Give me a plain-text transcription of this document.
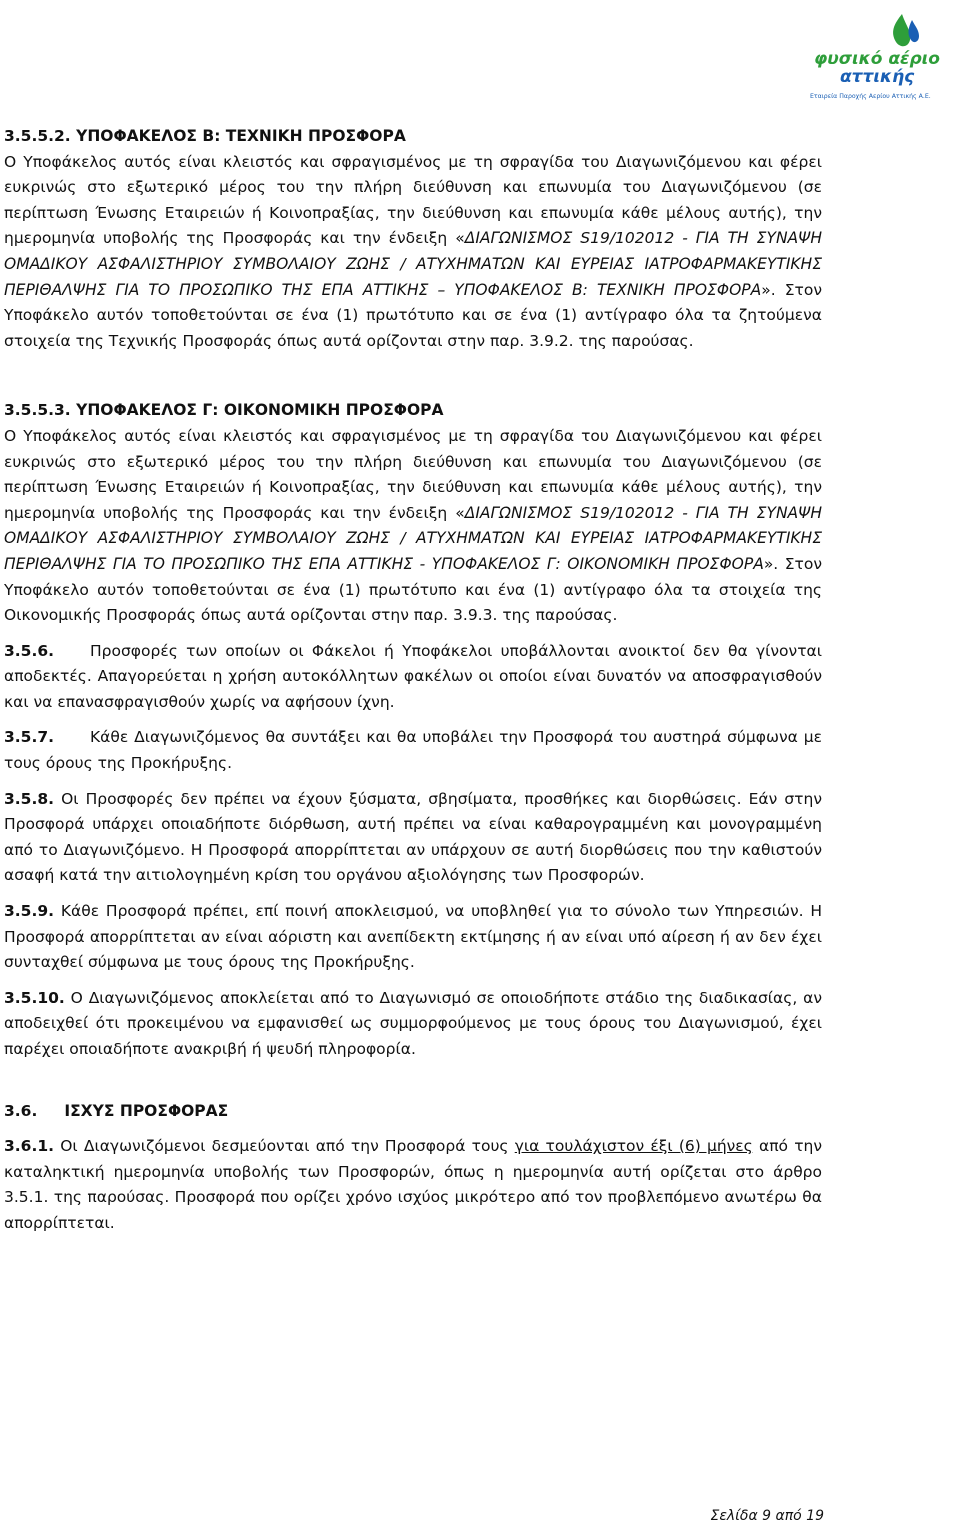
φυσικό αέριο
αττικής
Εταιρεία Παροχής Αερίου Αττικής Α.Ε.

3.5.5.2. ΥΠΟΦΑΚΕΛΟΣ Β: ΤΕΧΝΙΚΗ ΠΡΟΣΦΟΡΑ

Ο Υποφάκελος αυτός είναι κλειστός και σφραγισμένος με τη σφραγίδα του Διαγωνιζόμενου και φέρει ευκρινώς στο εξωτερικό μέρος του την πλήρη διεύθυνση και επωνυμία του Διαγωνιζόμενου (σε περίπτωση Ένωσης Εταιρειών ή Κοινοπραξίας, την διεύθυνση και επωνυμία κάθε μέλους αυτής), την ημερομηνία υποβολής της Προσφοράς και την ένδειξη «ΔΙΑΓΩΝΙΣΜΟΣ S19/102012 - ΓΙΑ ΤΗ ΣΥΝΑΨΗ ΟΜΑΔΙΚΟΥ ΑΣΦΑΛΙΣΤΗΡΙΟΥ ΣΥΜΒΟΛΑΙΟΥ ΖΩΗΣ / ΑΤΥΧΗΜΑΤΩΝ ΚΑΙ ΕΥΡΕΙΑΣ ΙΑΤΡΟΦΑΡΜΑΚΕΥΤΙΚΗΣ ΠΕΡΙΘΑΛΨΗΣ ΓΙΑ ΤΟ ΠΡΟΣΩΠΙΚΟ ΤΗΣ ΕΠΑ ΑΤΤΙΚΗΣ – ΥΠΟΦΑΚΕΛΟΣ Β: ΤΕΧΝΙΚΗ ΠΡΟΣΦΟΡΑ». Στον Υποφάκελο αυτόν τοποθετούνται σε ένα (1) πρωτότυπο και σε ένα (1) αντίγραφο όλα τα ζητούμενα στοιχεία της Τεχνικής Προσφοράς όπως αυτά ορίζονται στην παρ. 3.9.2. της παρούσας.

3.5.5.3. ΥΠΟΦΑΚΕΛΟΣ Γ: ΟΙΚΟΝΟΜΙΚΗ ΠΡΟΣΦΟΡΑ

Ο Υποφάκελος αυτός είναι κλειστός και σφραγισμένος με τη σφραγίδα του Διαγωνιζόμενου και φέρει ευκρινώς στο εξωτερικό μέρος του την πλήρη διεύθυνση και επωνυμία του Διαγωνιζόμενου (σε περίπτωση Ένωσης Εταιρειών ή Κοινοπραξίας, την διεύθυνση και επωνυμία κάθε μέλους αυτής), την ημερομηνία υποβολής της Προσφοράς και την ένδειξη «ΔΙΑΓΩΝΙΣΜΟΣ S19/102012 - ΓΙΑ ΤΗ ΣΥΝΑΨΗ ΟΜΑΔΙΚΟΥ ΑΣΦΑΛΙΣΤΗΡΙΟΥ ΣΥΜΒΟΛΑΙΟΥ ΖΩΗΣ / ΑΤΥΧΗΜΑΤΩΝ ΚΑΙ ΕΥΡΕΙΑΣ ΙΑΤΡΟΦΑΡΜΑΚΕΥΤΙΚΗΣ ΠΕΡΙΘΑΛΨΗΣ ΓΙΑ ΤΟ ΠΡΟΣΩΠΙΚΟ ΤΗΣ ΕΠΑ ΑΤΤΙΚΗΣ - ΥΠΟΦΑΚΕΛΟΣ Γ: ΟΙΚΟΝΟΜΙΚΗ ΠΡΟΣΦΟΡΑ». Στον Υποφάκελο αυτόν τοποθετούνται σε ένα (1) πρωτότυπο και ένα (1) αντίγραφο όλα τα στοιχεία της Οικονομικής Προσφοράς όπως αυτά ορίζονται στην παρ. 3.9.3. της παρούσας.

3.5.6. Προσφορές των οποίων οι Φάκελοι ή Υποφάκελοι υποβάλλονται ανοικτοί δεν θα γίνονται αποδεκτές. Απαγορεύεται η χρήση αυτοκόλλητων φακέλων οι οποίοι είναι δυνατόν να αποσφραγισθούν και να επανασφραγισθούν χωρίς να αφήσουν ίχνη.

3.5.7. Κάθε Διαγωνιζόμενος θα συντάξει και θα υποβάλει την Προσφορά του αυστηρά σύμφωνα με τους όρους της Προκήρυξης.

3.5.8. Οι Προσφορές δεν πρέπει να έχουν ξύσματα, σβησίματα, προσθήκες και διορθώσεις. Εάν στην Προσφορά υπάρχει οποιαδήποτε διόρθωση, αυτή πρέπει να είναι καθαρογραμμένη και μονογραμμένη από το Διαγωνιζόμενο. Η Προσφορά απορρίπτεται αν υπάρχουν σε αυτή διορθώσεις που την καθιστούν ασαφή κατά την αιτιολογημένη κρίση του οργάνου αξιολόγησης των Προσφορών.

3.5.9. Κάθε Προσφορά πρέπει, επί ποινή αποκλεισμού, να υποβληθεί για το σύνολο των Υπηρεσιών. Η Προσφορά απορρίπτεται αν είναι αόριστη και ανεπίδεκτη εκτίμησης ή αν είναι υπό αίρεση ή αν δεν έχει συνταχθεί σύμφωνα με τους όρους της Προκήρυξης.

3.5.10. Ο Διαγωνιζόμενος αποκλείεται από το Διαγωνισμό σε οποιοδήποτε στάδιο της διαδικασίας, αν αποδειχθεί ότι προκειμένου να εμφανισθεί ως συμμορφούμενος με τους όρους του Διαγωνισμού, έχει παρέχει οποιαδήποτε ανακριβή ή ψευδή πληροφορία.

3.6.     ΙΣΧΥΣ ΠΡΟΣΦΟΡΑΣ

3.6.1. Οι Διαγωνιζόμενοι δεσμεύονται από την Προσφορά τους για τουλάχιστον έξι (6) μήνες από την καταληκτική ημερομηνία υποβολής των Προσφορών, όπως η ημερομηνία αυτή ορίζεται στο άρθρο 3.5.1. της παρούσας. Προσφορά που ορίζει χρόνο ισχύος μικρότερο από τον προβλεπόμενο ανωτέρω θα απορρίπτεται.

Σελίδα 9 από 19
